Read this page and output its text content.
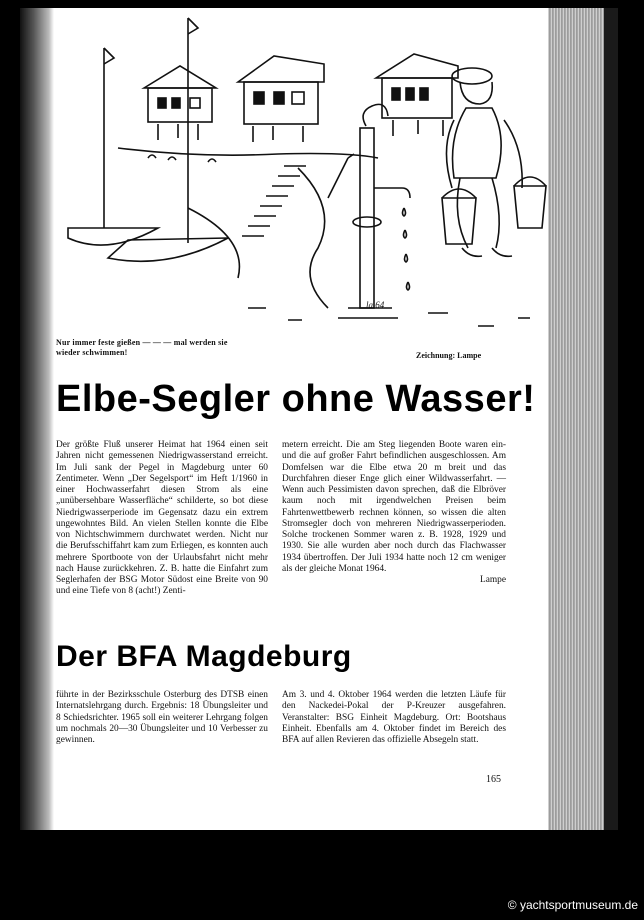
la.64
Nur immer feste gießen — — — mal werden sie
wieder schwimmen!	Zeichnung: Lampe
Elbe-Segler ohne Wasser!

Der größte Fluß unserer Heimat hat 1964 einen seit Jahren nicht gemessenen Niedrigwasserstand erreicht. Im Juli sank der Pegel in Magdeburg unter 60 Zentimeter. Wenn „Der Segelsport“ im Heft 1/1960 in einer Hochwasserfahrt diesen Strom als eine „unübersehbare Wasserfläche“ schilderte, so bot diese Niedrigwasserperiode im Gegensatz dazu ein extrem ungewohntes Bild. An vielen Stellen konnte die Elbe von Nichtschwimmern durchwatet werden. Nicht nur die Berufsschiffahrt kam zum Erliegen, es konnten auch mehrere Sportboote von der Urlaubsfahrt nicht mehr nach Hause zurückkehren. Z. B. hatte die Einfahrt zum Seglerhafen der BSG Motor Südost eine Breite von 90 und eine Tiefe von 8 (acht!) Zenti-

metern erreicht. Die am Steg liegenden Boote waren ein- und die auf großer Fahrt befindlichen ausgeschlossen. Am Domfelsen war die Elbe etwa 20 m breit und das Durchfahren dieser Enge glich einer Wildwasserfahrt. — Wenn auch Pessimisten davon sprechen, daß die Elbröver kaum noch mit irgendwelchen Preisen beim Fahrtenwettbewerb rechnen können, so wissen die alten Stromsegler doch von mehreren Niedrigwasserperioden. Solche trockenen Sommer waren z. B. 1928, 1929 und 1930. Sie alle wurden aber noch durch das Flachwasser 1934 übertroffen. Der Juli 1934 hatte noch 12 cm weniger als der gleiche Monat 1964.

Lampe
Der BFA Magdeburg

führte in der Bezirksschule Osterburg des DTSB einen Internatslehrgang durch. Ergebnis: 18 Übungsleiter und 8 Schiedsrichter. 1965 soll ein weiterer Lehrgang folgen um nochmals 20—30 Übungsleiter und 10 Verbesser zu gewinnen.

Am 3. und 4. Oktober 1964 werden die letzten Läufe für den Nackedei-Pokal der P-Kreuzer ausgefahren. Veranstalter: BSG Einheit Magdeburg. Ort: Bootshaus Einheit. Ebenfalls am 4. Oktober findet im Bereich des BFA auf allen Revieren das offizielle Absegeln statt.

165
© yachtsportmuseum.de
